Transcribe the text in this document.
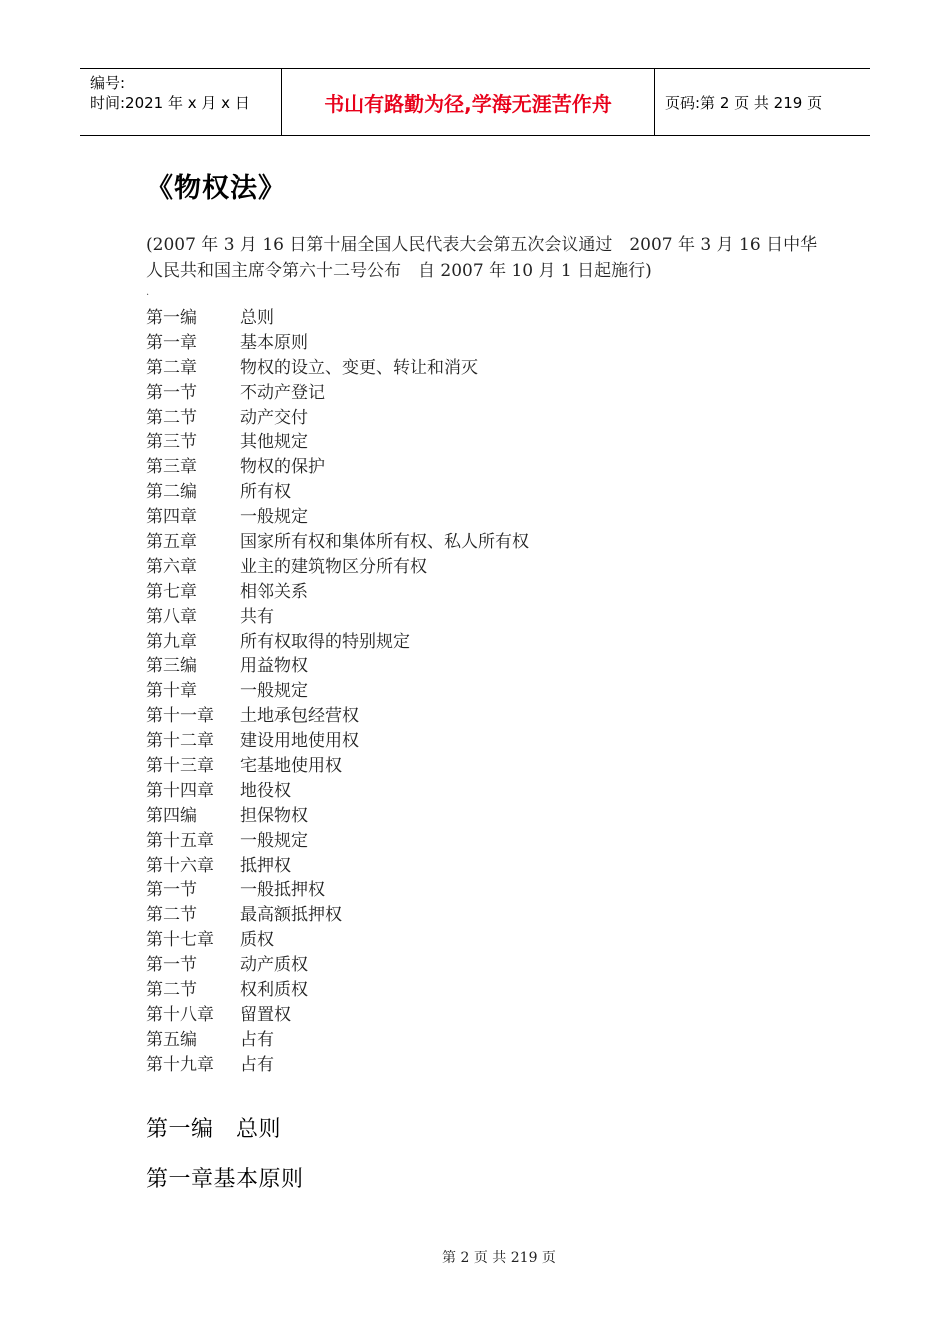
编号:
时间:2021 年 x 月 x 日	书山有路勤为径,学海无涯苦作舟	页码:第 2 页 共 219 页
《物权法》
(2007 年 3 月 16 日第十届全国人民代表大会第五次会议通过　2007 年 3 月 16 日中华人民共和国主席令第六十二号公布　自 2007 年 10 月 1 日起施行)
.
第一编	总则
第一章	基本原则
第二章	物权的设立、变更、转让和消灭
第一节	不动产登记
第二节	动产交付
第三节	其他规定
第三章	物权的保护
第二编	所有权
第四章	一般规定
第五章	国家所有权和集体所有权、私人所有权
第六章	业主的建筑物区分所有权
第七章	相邻关系
第八章	共有
第九章	所有权取得的特别规定
第三编	用益物权
第十章	一般规定
第十一章 土地承包经营权
第十二章 建设用地使用权
第十三章 宅基地使用权
第十四章 地役权
第四编	担保物权
第十五章 一般规定
第十六章 抵押权
第一节	一般抵押权
第二节	最高额抵押权
第十七章 质权
第一节	动产质权
第二节	权利质权
第十八章 留置权
第五编	占有
第十九章 占有
第一编　总则
第一章基本原则
第 2 页 共 219 页
